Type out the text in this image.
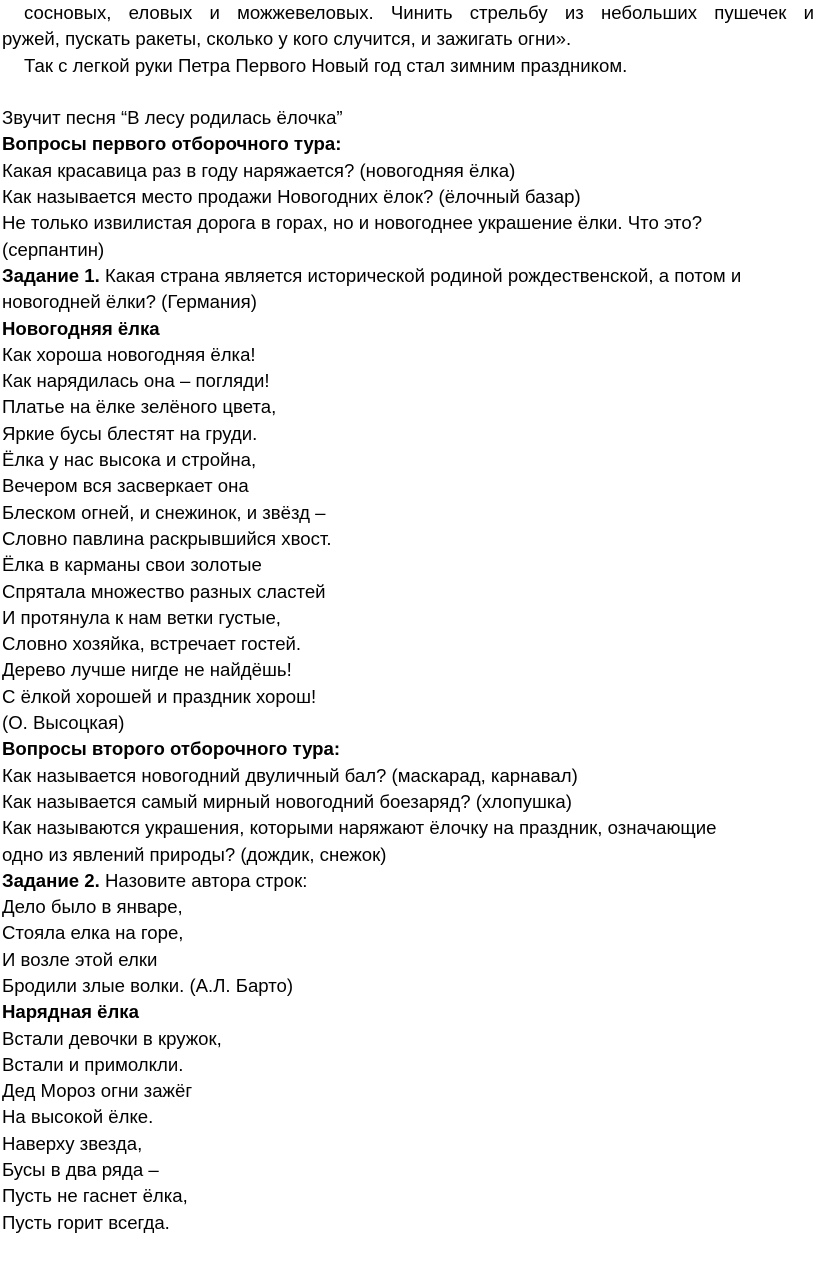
сосновых, еловых и можжевеловых. Чинить стрельбу из небольших пушечек и
ружей, пускать ракеты, сколько у кого случится, и зажигать огни».
Так с легкой руки Петра Первого Новый год стал зимним праздником.
Звучит песня “В лесу родилась ёлочка”
Вопросы первого отборочного тура:
Какая красавица раз в году наряжается? (новогодняя ёлка)
Как называется место продажи Новогодних ёлок? (ёлочный базар)
Не только извилистая дорога в горах, но и новогоднее украшение ёлки. Что это?
(серпантин)
Задание 1. Какая страна является исторической родиной рождественской, а потом и
новогодней ёлки? (Германия)
Новогодняя ёлка
Как хороша новогодняя ёлка!
Как нарядилась она – погляди!
Платье на ёлке зелёного цвета,
Яркие бусы блестят на груди.
Ёлка у нас высока и стройна,
Вечером вся засверкает она
Блеском огней, и снежинок, и звёзд –
Словно павлина раскрывшийся хвост.
Ёлка в карманы свои золотые
Спрятала множество разных сластей
И протянула к нам ветки густые,
Словно хозяйка, встречает гостей.
Дерево лучше нигде не найдёшь!
С ёлкой хорошей и праздник хорош!
(О. Высоцкая)
Вопросы второго отборочного тура:
Как называется новогодний двуличный бал? (маскарад, карнавал)
Как называется самый мирный новогодний боезаряд? (хлопушка)
Как называются украшения, которыми наряжают ёлочку на праздник, означающие
одно из явлений природы? (дождик, снежок)
Задание 2. Назовите автора строк:
Дело было в январе,
Стояла елка на горе,
И возле этой елки
Бродили злые волки. (А.Л. Барто)
Нарядная ёлка
Встали девочки в кружок,
Встали и примолкли.
Дед Мороз огни зажёг
На высокой ёлке.
Наверху звезда,
Бусы в два ряда –
Пусть не гаснет ёлка,
Пусть горит всегда.
